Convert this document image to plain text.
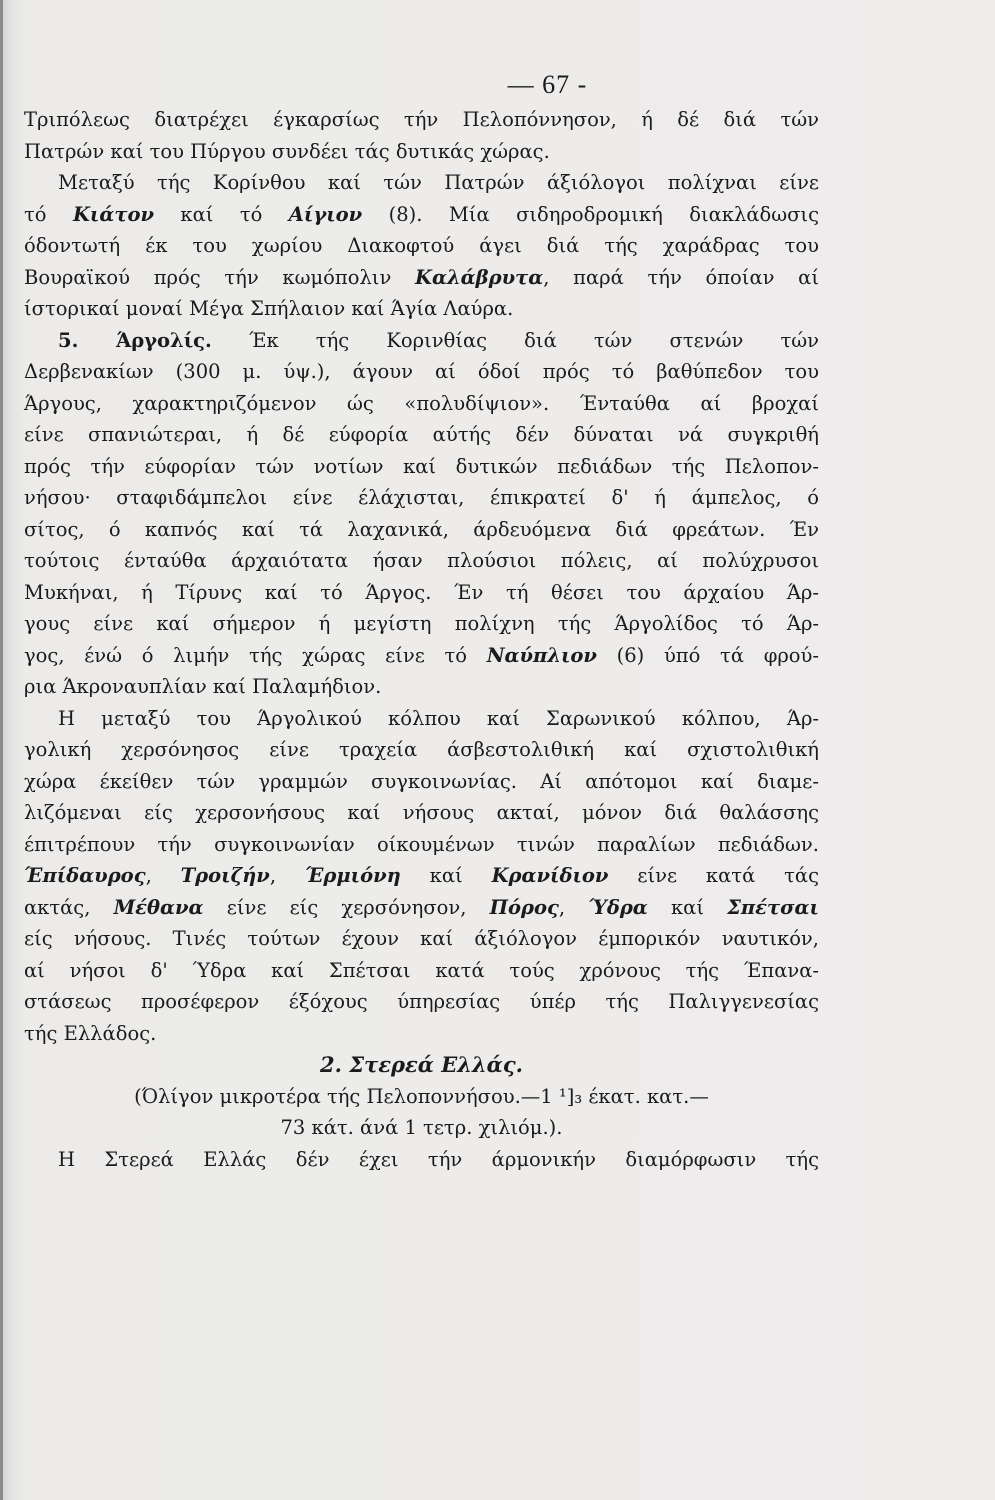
— 67 -
Τριπόλεως διατρέχει έγκαρσίως τήν Πελοπόννησον, ή δέ διά τών
Πατρών καί του Πύργου συνδέει τάς δυτικάς χώρας.
Μεταξύ τής Κορίνθου καί τών Πατρών άξιόλογοι πολίχναι είνε
τό Κιάτον καί τό Αίγιον (8). Μία σιδηροδρομική διακλάδωσις
όδοντωτή έκ του χωρίου Διακοφτού άγει διά τής χαράδρας του
Βουραϊκού πρός τήν κωμόπολιν Καλάβρυτα, παρά τήν όποίαν αί
ίστορικαί μοναί Μέγα Σπήλαιον καί Άγία Λαύρα.
5. Άργολίς. Έκ τής Κορινθίας διά τών στενών τών
Δερβενακίων (300 μ. ύψ.), άγουν αί όδοί πρός τό βαθύπεδον του
Άργους, χαρακτηριζόμενον ώς «πολυδίψιον». Ένταύθα αί βροχαί
είνε σπανιώτεραι, ή δέ εύφορία αύτής δέν δύναται νά συγκριθή
πρός τήν εύφορίαν τών νοτίων καί δυτικών πεδιάδων τής Πελοπον-
νήσου· σταφιδάμπελοι είνε έλάχισται, έπικρατεί δ' ή άμπελος, ό
σίτος, ό καπνός καί τά λαχανικά, άρδευόμενα διά φρεάτων. Έν
τούτοις ένταύθα άρχαιότατα ήσαν πλούσιοι πόλεις, αί πολύχρυσοι
Μυκήναι, ή Τίρυνς καί τό Άργος. Έν τή θέσει του άρχαίου Άρ-
γους είνε καί σήμερον ή μεγίστη πολίχνη τής Άργολίδος τό Άρ-
γος, ένώ ό λιμήν τής χώρας είνε τό Ναύπλιον (6) ύπό τά φρού-
ρια Άκροναυπλίαν καί Παλαμήδιον.
Η μεταξύ του Άργολικού κόλπου καί Σαρωνικού κόλπου, Άρ-
γολική χερσόνησος είνε τραχεία άσβεστολιθική καί σχιστολιθική
χώρα έκείθεν τών γραμμών συγκοινωνίας. Αί απότομοι καί διαμε-
λιζόμεναι είς χερσονήσους καί νήσους ακταί, μόνον διά θαλάσσης
έπιτρέπουν τήν συγκοινωνίαν οίκουμένων τινών παραλίων πεδιάδων.
Έπίδαυρος, Τροιζήν, Έρμιόνη καί Κρανίδιον είνε κατά τάς
ακτάς, Μέθανα είνε είς χερσόνησον, Πόρος, Ύδρα καί Σπέτσαι
είς νήσους. Τινές τούτων έχουν καί άξιόλογον έμπορικόν ναυτικόν,
αί νήσοι δ' Ύδρα καί Σπέτσαι κατά τούς χρόνους τής Έπανα-
στάσεως προσέφερον έξόχους ύπηρεσίας ύπέρ τής Παλιγγενεσίας
τής Ελλάδος.
2. Στερεά Ελλάς.
(Όλίγον μικροτέρα τής Πελοποννήσου.—1 ¹]₃ έκατ. κατ.—
73 κάτ. άνά 1 τετρ. χιλιόμ.).
Η Στερεά Ελλάς δέν έχει τήν άρμονικήν διαμόρφωσιν τής
